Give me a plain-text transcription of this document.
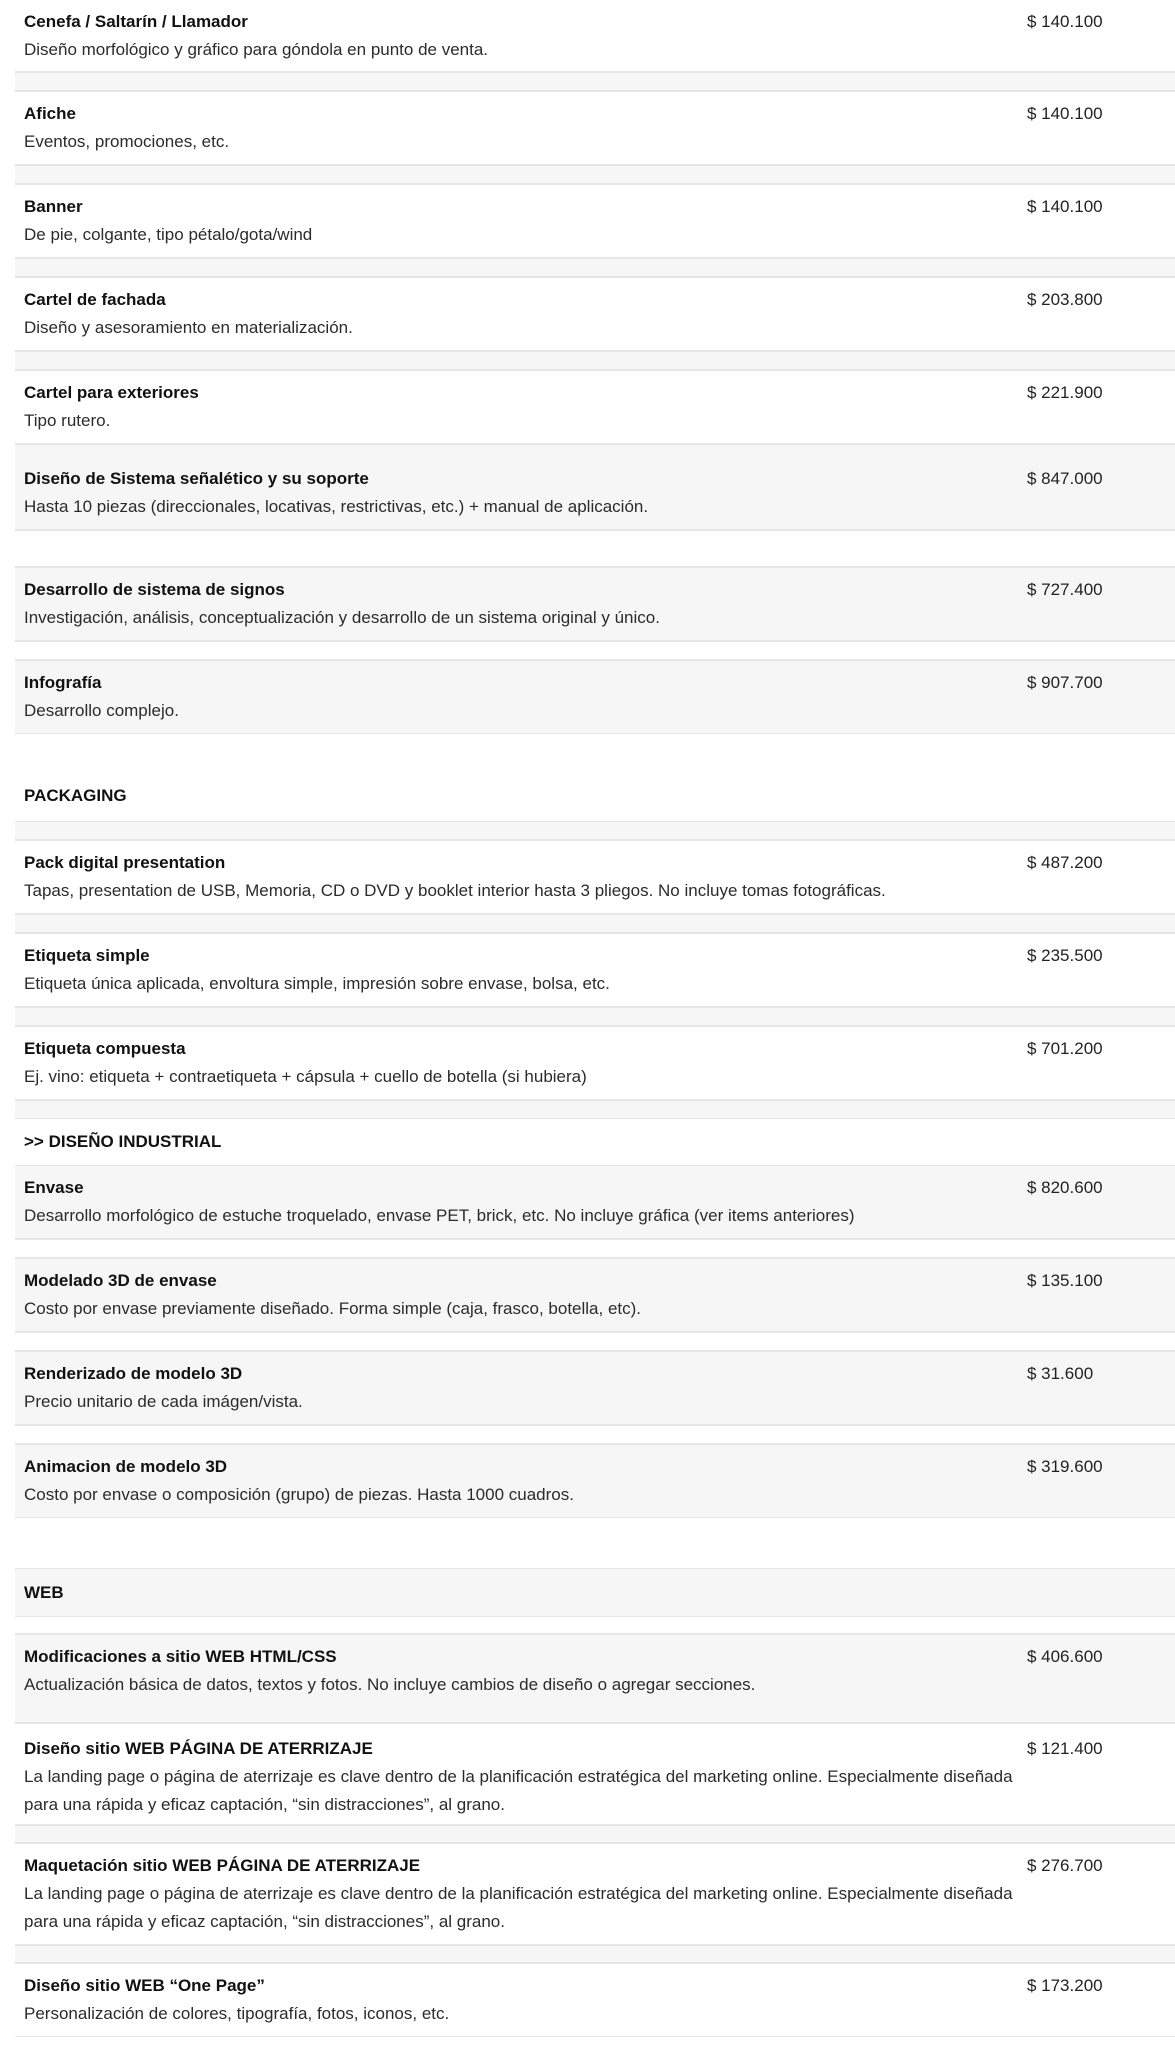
Cenefa / Saltarín / Llamador
Diseño morfológico y gráfico para góndola en punto de venta.
$ 140.100
Afiche
Eventos, promociones, etc.
$ 140.100
Banner
De pie, colgante, tipo pétalo/gota/wind
$ 140.100
Cartel de fachada
Diseño y asesoramiento en materialización.
$ 203.800
Cartel para exteriores
Tipo rutero.
$ 221.900
Diseño de Sistema señalético y su soporte
Hasta 10 piezas (direccionales, locativas, restrictivas, etc.) + manual de aplicación.
$ 847.000
Desarrollo de sistema de signos
Investigación, análisis, conceptualización y desarrollo de un sistema original y único.
$ 727.400
Infografía
Desarrollo complejo.
$ 907.700
PACKAGING
Pack digital presentation
Tapas, presentation de USB, Memoria, CD o DVD y booklet interior hasta 3 pliegos. No incluye tomas fotográficas.
$ 487.200
Etiqueta simple
Etiqueta única aplicada, envoltura simple, impresión sobre envase, bolsa, etc.
$ 235.500
Etiqueta compuesta
Ej. vino: etiqueta + contraetiqueta + cápsula + cuello de botella (si hubiera)
$ 701.200
>> DISEÑO INDUSTRIAL
Envase
Desarrollo morfológico de estuche troquelado, envase PET, brick, etc. No incluye gráfica (ver items anteriores)
$ 820.600
Modelado 3D de envase
Costo por envase previamente diseñado. Forma simple (caja, frasco, botella, etc).
$ 135.100
Renderizado de modelo 3D
Precio unitario de cada imágen/vista.
$ 31.600
Animacion de modelo 3D
Costo por envase o composición (grupo) de piezas. Hasta 1000 cuadros.
$ 319.600
WEB
Modificaciones a sitio WEB HTML/CSS
Actualización básica de datos, textos y fotos. No incluye cambios de diseño o agregar secciones.
$ 406.600
Diseño sitio WEB PÁGINA DE ATERRIZAJE
La landing page o página de aterrizaje es clave dentro de la planificación estratégica del marketing online. Especialmente diseñada para una rápida y eficaz captación, “sin distracciones”, al grano.
$ 121.400
Maquetación sitio WEB PÁGINA DE ATERRIZAJE
La landing page o página de aterrizaje es clave dentro de la planificación estratégica del marketing online. Especialmente diseñada para una rápida y eficaz captación, “sin distracciones”, al grano.
$ 276.700
Diseño sitio WEB “One Page”
Personalización de colores, tipografía, fotos, iconos, etc.
$ 173.200
